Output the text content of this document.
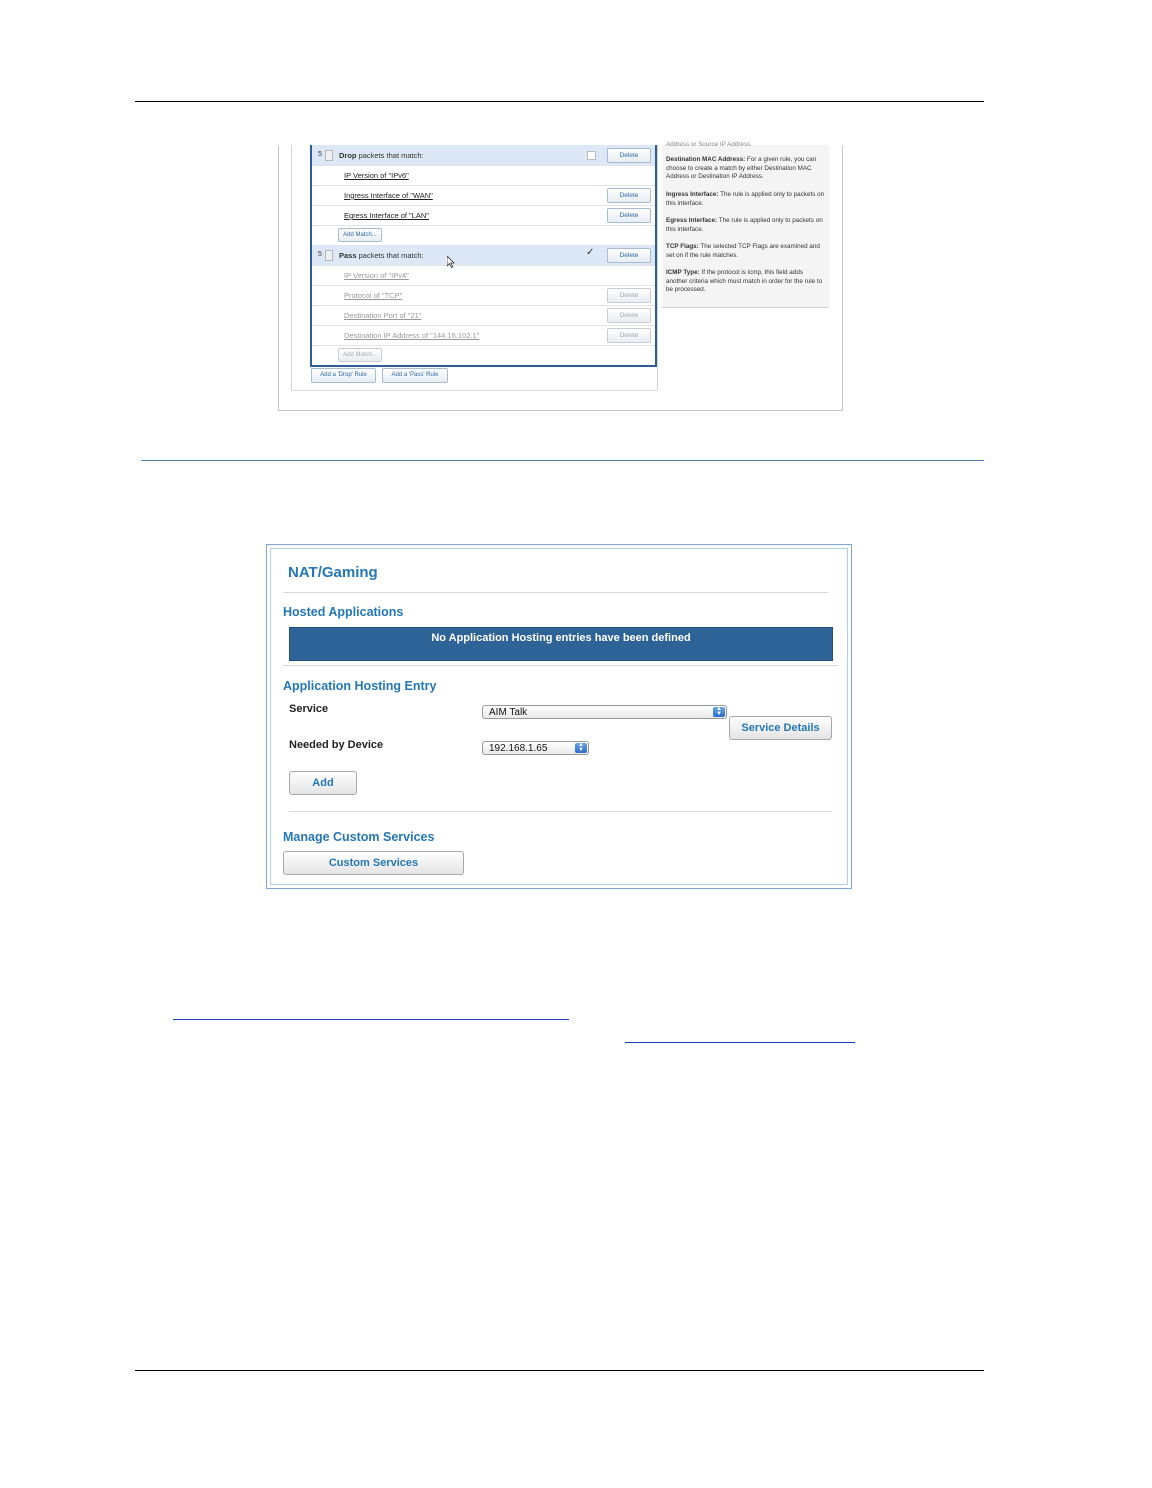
5 Drop packets that match:	Delete
IP Version of "IPv6"
Ingress Interface of "WAN"	Delete
Egress Interface of "LAN"	Delete
Add Match...
5 Pass packets that match:	✓	Delete
IP Version of "IPv4"
Protocol of "TCP"	Delete
Destination Port of "21"	Delete
Destination IP Address of "144.16.102.1"	Delete
Add Match...
Add a 'Drop' Rule	Add a 'Pass' Rule
Address or Source IP Address.

Destination MAC Address: For a given rule, you can choose to create a match by either Destination MAC Address or Destination IP Address.

Ingress Interface: The rule is applied only to packets on this interface.

Egress Interface: The rule is applied only to packets on this interface.

TCP Flags: The selected TCP Flags are examined and set on if the rule matches.

ICMP Type: If the protocol is icmp, this field adds another criteria which must match in order for the rule to be processed.

NAT/Gaming
Hosted Applications
No Application Hosting entries have been defined
Application Hosting Entry
Service	AIM Talk	▲
▼
Service Details
Needed by Device	192.168.1.65	▲
▼
Add
Manage Custom Services
Custom Services
